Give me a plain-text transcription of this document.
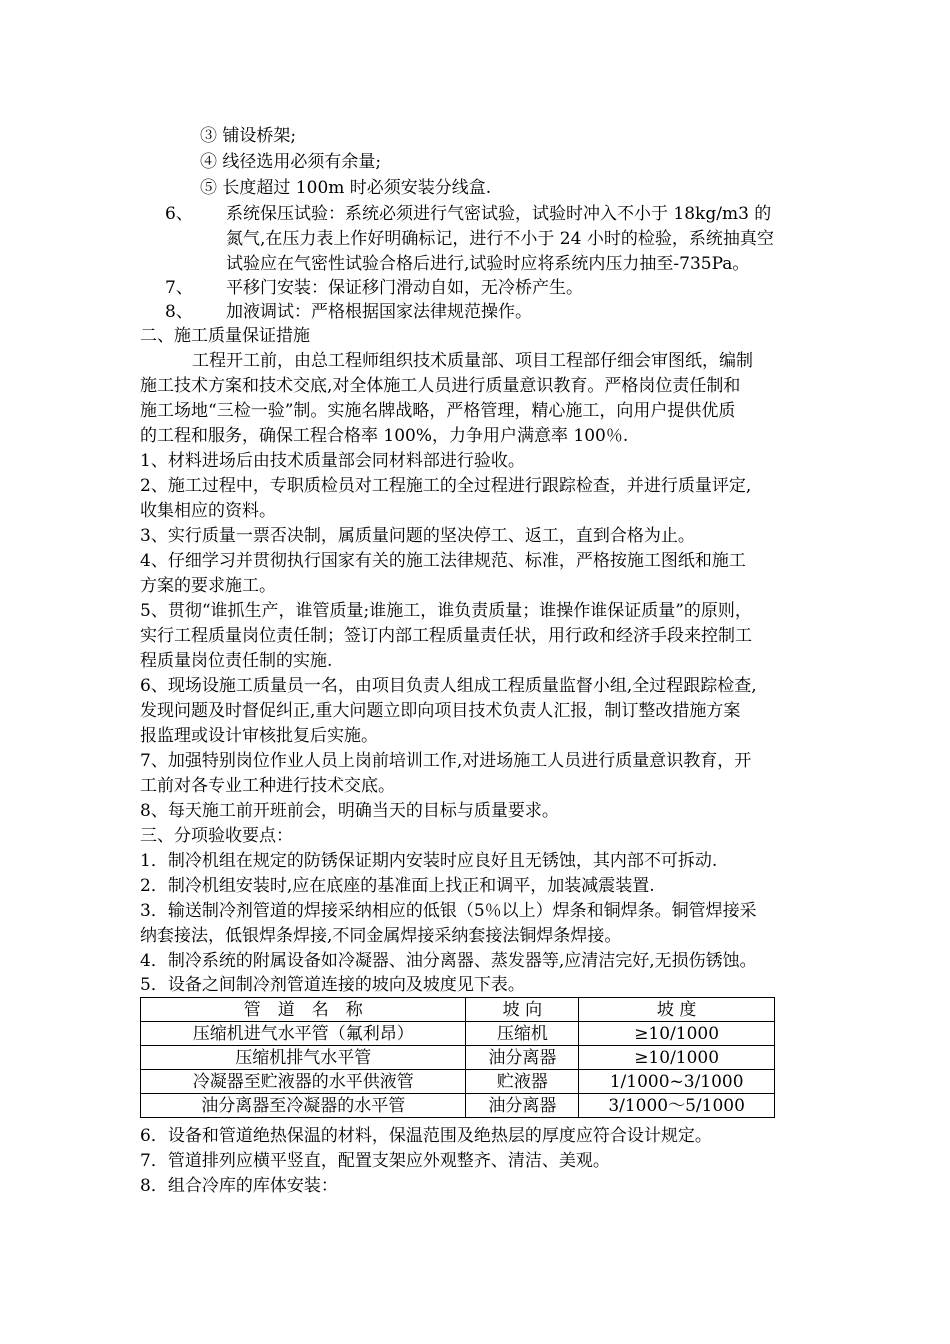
③ 铺设桥架;
④ 线径选用必须有余量;
⑤ 长度超过 100m 时必须安装分线盒.
6、 系统保压试验：系统必须进行气密试验，试验时冲入不小于 18kg/m3 的
氮气,在压力表上作好明确标记，进行不小于 24 小时的检验，系统抽真空
试验应在气密性试验合格后进行,试验时应将系统内压力抽至-735Pa。
7、 平移门安装：保证移门滑动自如，无冷桥产生。
8、 加液调试：严格根据国家法律规范操作。
二、施工质量保证措施
工程开工前，由总工程师组织技术质量部、项目工程部仔细会审图纸，编制
施工技术方案和技术交底,对全体施工人员进行质量意识教育。严格岗位责任制和
施工场地“三检一验”制。实施名牌战略，严格管理，精心施工，向用户提供优质
的工程和服务，确保工程合格率 100%，力争用户满意率 100％.
1、材料进场后由技术质量部会同材料部进行验收。
2、施工过程中，专职质检员对工程施工的全过程进行跟踪检查，并进行质量评定,
收集相应的资料。
3、实行质量一票否决制，属质量问题的坚决停工、返工，直到合格为止。
4、仔细学习并贯彻执行国家有关的施工法律规范、标准，严格按施工图纸和施工
方案的要求施工。
5、贯彻“谁抓生产，谁管质量;谁施工，谁负责质量；谁操作谁保证质量”的原则，
实行工程质量岗位责任制；签订内部工程质量责任状，用行政和经济手段来控制工
程质量岗位责任制的实施.
6、现场设施工质量员一名，由项目负责人组成工程质量监督小组,全过程跟踪检查,
发现问题及时督促纠正,重大问题立即向项目技术负责人汇报，制订整改措施方案
报监理或设计审核批复后实施。
7、加强特别岗位作业人员上岗前培训工作,对进场施工人员进行质量意识教育，开
工前对各专业工种进行技术交底。
8、每天施工前开班前会，明确当天的目标与质量要求。
三、分项验收要点：
1．制冷机组在规定的防锈保证期内安装时应良好且无锈蚀，其内部不可拆动.
2．制冷机组安装时,应在底座的基准面上找正和调平，加装减震装置.
3．输送制冷剂管道的焊接采纳相应的低银（5％以上）焊条和铜焊条。铜管焊接采
纳套接法，低银焊条焊接,不同金属焊接采纳套接法铜焊条焊接。
4．制冷系统的附属设备如冷凝器、油分离器、蒸发器等,应清洁完好,无损伤锈蚀。
5．设备之间制冷剂管道连接的坡向及坡度见下表。
管　道　名　称	坡 向	坡 度
压缩机进气水平管（氟利昂）	压缩机	≥10/1000
压缩机排气水平管	油分离器	≥10/1000
冷凝器至贮液器的水平供液管	贮液器	1/1000~3/1000
油分离器至冷凝器的水平管	油分离器	3/1000～5/1000
6．设备和管道绝热保温的材料，保温范围及绝热层的厚度应符合设计规定。
7．管道排列应横平竖直，配置支架应外观整齐、清洁、美观。
8．组合冷库的库体安装：
